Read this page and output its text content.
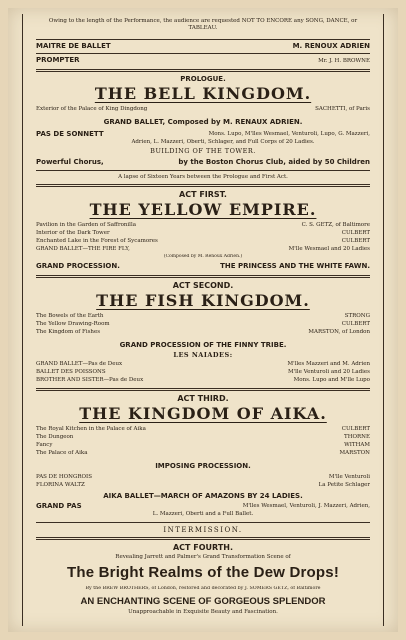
Owing to the length of the Performance, the audience are requested NOT TO ENCORE any SONG, DANCE, or TABLEAU.
MAITRE DE BALLET	M. RENOUX ADRIEN
PROMPTER	Mr. J. H. BROWNE
PROLOGUE.
THE BELL KINGDOM.
Exterior of the Palace of King Dingdong	SACHETTI, of Paris
GRAND BALLET, Composed by M. RENAUX ADRIEN.
PAS DE SONNETT	Mons. Lupo, M'lles Wesmael, Venturoli, Lupo, G. Mazzeri,
Adrien, L. Mazzeri, Oberti, Schlager, and Full Corps of 20 Ladies.
BUILDING OF THE TOWER.
Powerful Chorus,	by the Boston Chorus Club, aided by 50 Children
A lapse of Sixteen Years between the Prologue and First Act.
ACT FIRST.
THE YELLOW EMPIRE.
Pavilion in the Garden of Saffronilla	C. S. GETZ, of Baltimore
Interior of the Dark Tower	CULBERT
Enchanted Lake in the Forest of Sycamores	CULBERT
GRAND BALLET—THE FIRE FLY,	M'lle Wesmael and 20 Ladies
(Composed by M. Renoux Adrien.)
GRAND PROCESSION.	THE PRINCESS AND THE WHITE FAWN.
ACT SECOND.
THE FISH KINGDOM.
The Bowels of the Earth	STRONG
The Yellow Drawing-Room	CULBERT
The Kingdom of Fishes	MARSTON, of London
GRAND PROCESSION OF THE FINNY TRIBE.
LES NAIADES:
GRAND BALLET—Pas de Deux	M'lles Mazzeri and M. Adrien
BALLET DES POISSONS	M'lle Venturoli and 20 Ladies
BROTHER AND SISTER—Pas de Deux	Mons. Lupo and M'lle Lupo
ACT THIRD.
THE KINGDOM OF AIKA.
The Royal Kitchen in the Palace of Aika	CULBERT
The Dungeon	THORNE
Fancy	WITHAM
The Palace of Aika	MARSTON
IMPOSING PROCESSION.
PAS DE HONGROIS	M'lle Venturoli
FLORINA WALTZ	La Petite Schlager
AIKA BALLET—MARCH OF AMAZONS BY 24 LADIES.
GRAND PAS	M'lles Wesmael, Venturoli, J. Mazzeri, Adrien,
L. Mazzeri, Oberti and a Full Ballet.
INTERMISSION.
ACT FOURTH.
Revealing Jarrett and Palmer's Grand Transformation Scene of
The Bright Realms of the Dew Drops!
By the BREW BROTHERS, of London, restored and decorated by J. SOMERS GETZ, of Baltimore
AN ENCHANTING SCENE OF GORGEOUS SPLENDOR
Unapproachable in Exquisite Beauty and Fascination.
